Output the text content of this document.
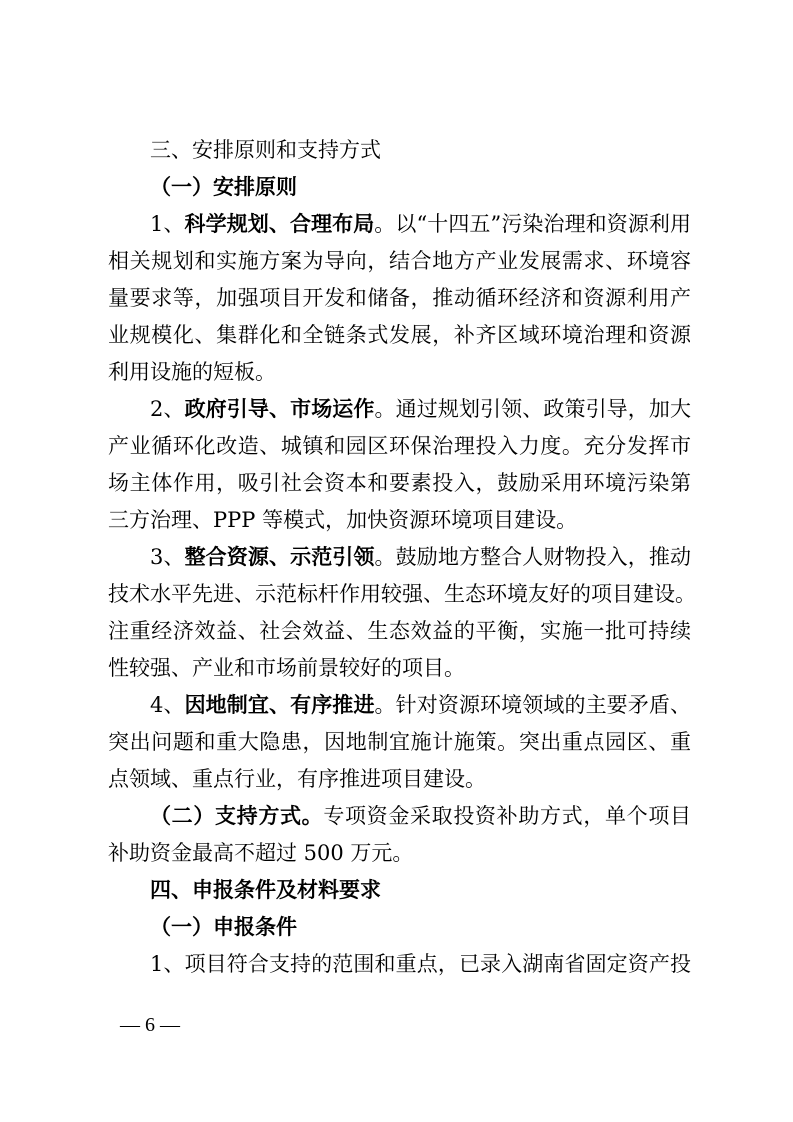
三、安排原则和支持方式
（一）安排原则
1、科学规划、合理布局。以“十四五”污染治理和资源利用
相关规划和实施方案为导向，结合地方产业发展需求、环境容
量要求等，加强项目开发和储备，推动循环经济和资源利用产
业规模化、集群化和全链条式发展，补齐区域环境治理和资源
利用设施的短板。
2、政府引导、市场运作。通过规划引领、政策引导，加大
产业循环化改造、城镇和园区环保治理投入力度。充分发挥市
场主体作用，吸引社会资本和要素投入，鼓励采用环境污染第
三方治理、PPP 等模式，加快资源环境项目建设。
3、整合资源、示范引领。鼓励地方整合人财物投入，推动
技术水平先进、示范标杆作用较强、生态环境友好的项目建设。
注重经济效益、社会效益、生态效益的平衡，实施一批可持续
性较强、产业和市场前景较好的项目。
4、因地制宜、有序推进。针对资源环境领域的主要矛盾、
突出问题和重大隐患，因地制宜施计施策。突出重点园区、重
点领域、重点行业，有序推进项目建设。
（二）支持方式。专项资金采取投资补助方式，单个项目
补助资金最高不超过 500 万元。
四、申报条件及材料要求
（一）申报条件
1、项目符合支持的范围和重点，已录入湖南省固定资产投
— 6 —
